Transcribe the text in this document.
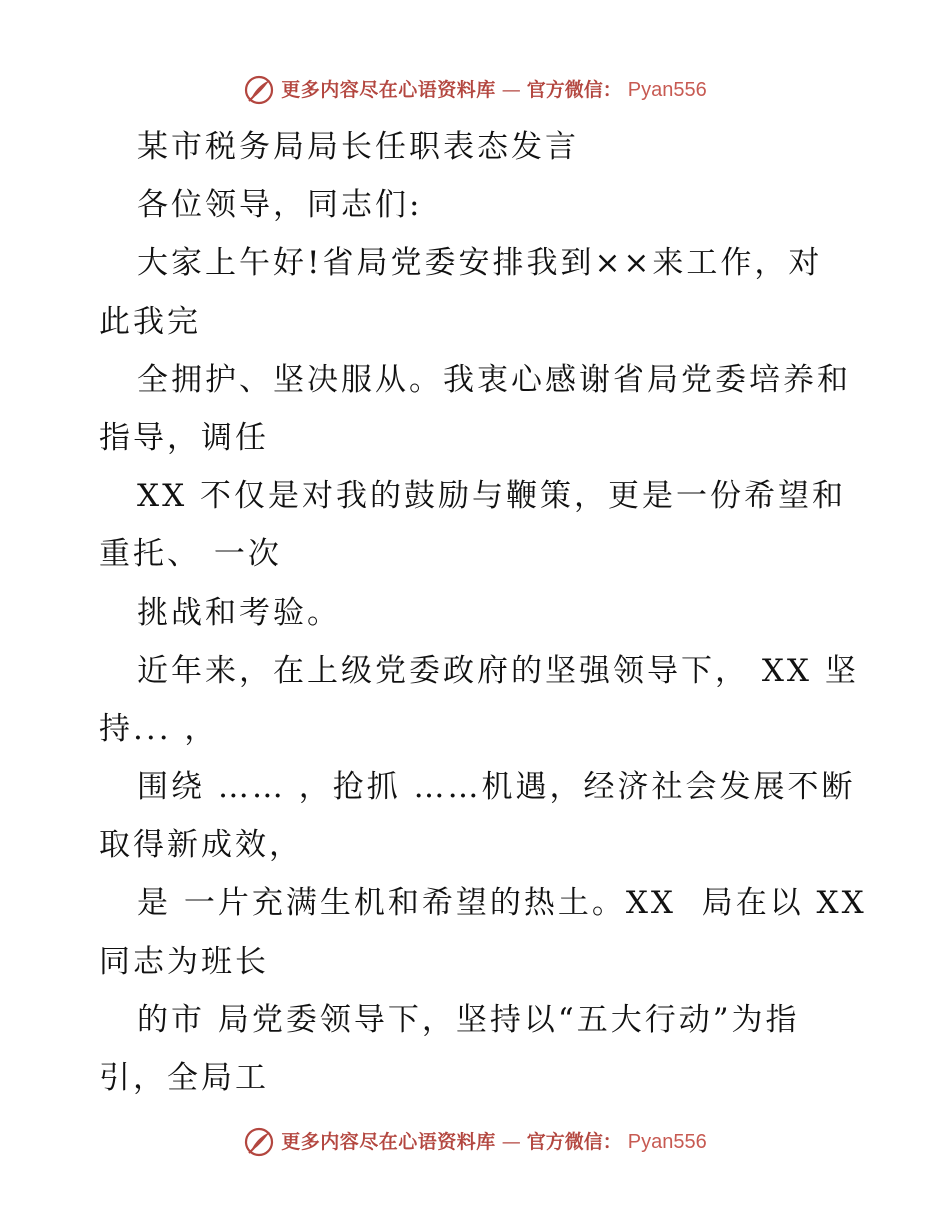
更多内容尽在心语资料库 — 官方微信： Pyan556
某市税务局局长任职表态发言
各位领导，同志们:
大家上午好!省局党委安排我到××来工作，对
此我完
全拥护、坚决服从。我衷心感谢省局党委培养和
指导，调任
XX 不仅是对我的鼓励与鞭策，更是一份希望和
重托、 一次
挑战和考验。
近年来，在上级党委政府的坚强领导下， XX 坚
持... ，
围绕 …… ，抢抓 ……机遇，经济社会发展不断
取得新成效，
是 一片充满生机和希望的热土。XX  局在以 XX
同志为班长
的市 局党委领导下，坚持以“五大行动”为指
引，全局工
更多内容尽在心语资料库 — 官方微信： Pyan556
